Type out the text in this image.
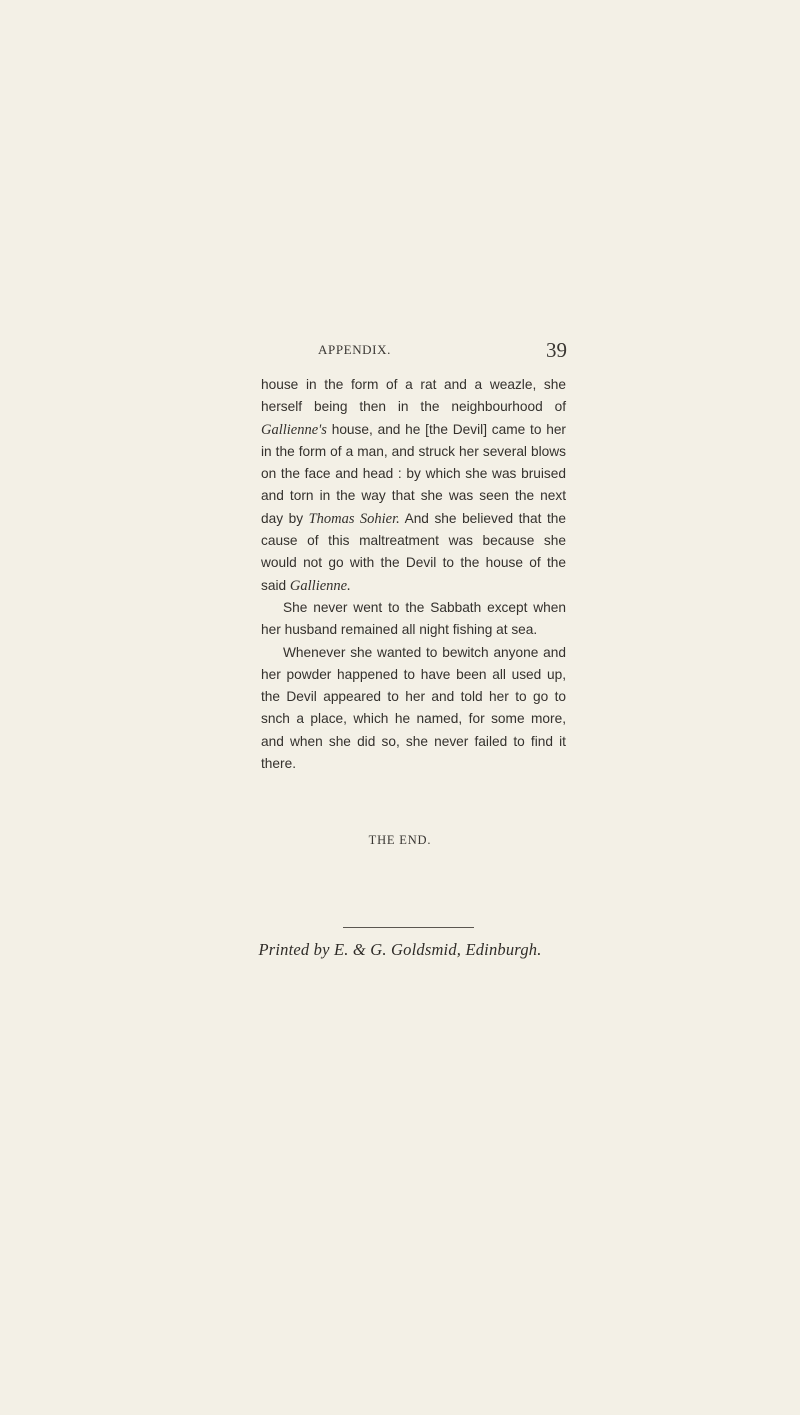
APPENDIX.	39

house in the form of a rat and a weazle, she herself being then in the neighbourhood of Gallienne's house, and he [the Devil] came to her in the form of a man, and struck her several blows on the face and head : by which she was bruised and torn in the way that she was seen the next day by Thomas Sohier. And she believed that the cause of this maltreatment was because she would not go with the Devil to the house of the said Gallienne.

She never went to the Sabbath except when her husband remained all night fishing at sea.

Whenever she wanted to bewitch anyone and her powder happened to have been all used up, the Devil appeared to her and told her to go to snch a place, which he named, for some more, and when she did so, she never failed to find it there.

THE END.
Printed by E. & G. Goldsmid, Edinburgh.
